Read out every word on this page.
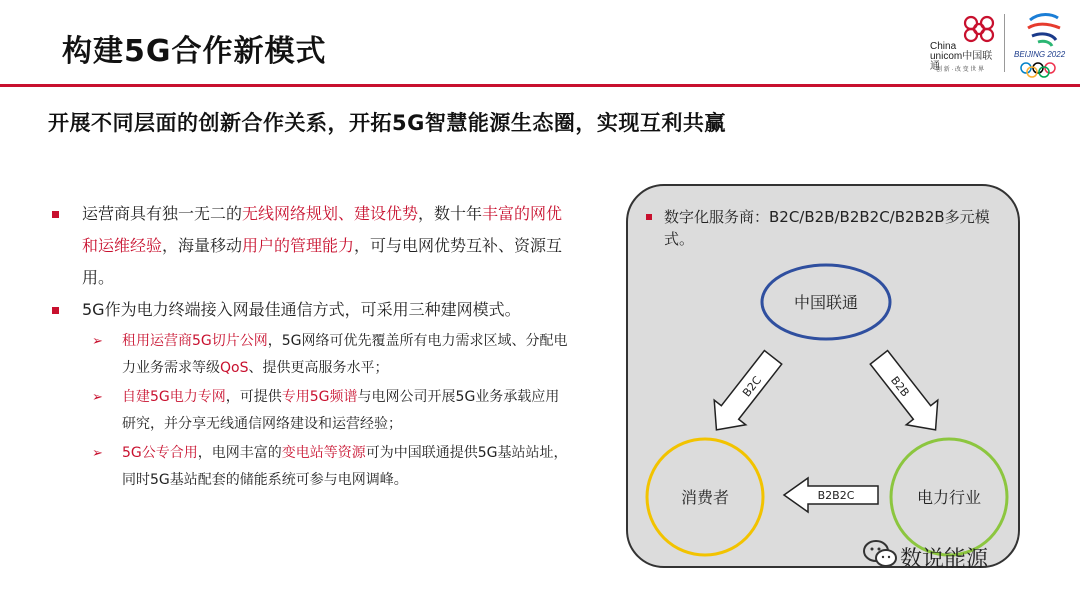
构建5G合作新模式	China
unicom中国联通
创 新 · 改 变 世 界
BEIJING 2022
开展不同层面的创新合作关系，开拓5G智慧能源生态圈，实现互利共赢
运营商具有独一无二的无线网络规划、建设优势，数十年丰富的网优和运维经验，海量移动用户的管理能力，可与电网优势互补、资源互用。
5G作为电力终端接入网最佳通信方式，可采用三种建网模式。
➢ 租用运营商5G切片公网，5G网络可优先覆盖所有电力需求区域、分配电力业务需求等级QoS、提供更高服务水平；
➢ 自建5G电力专网，可提供专用5G频谱与电网公司开展5G业务承载应用研究，并分享无线通信网络建设和运营经验；
➢ 5G公专合用，电网丰富的变电站等资源可为中国联通提供5G基站站址，同时5G基站配套的储能系统可参与电网调峰。
数字化服务商：B2C/B2B/B2B2C/B2B2B多元模式。
中国联通
消费者	电力行业
B2C	B2B
B2B2C
数说能源
